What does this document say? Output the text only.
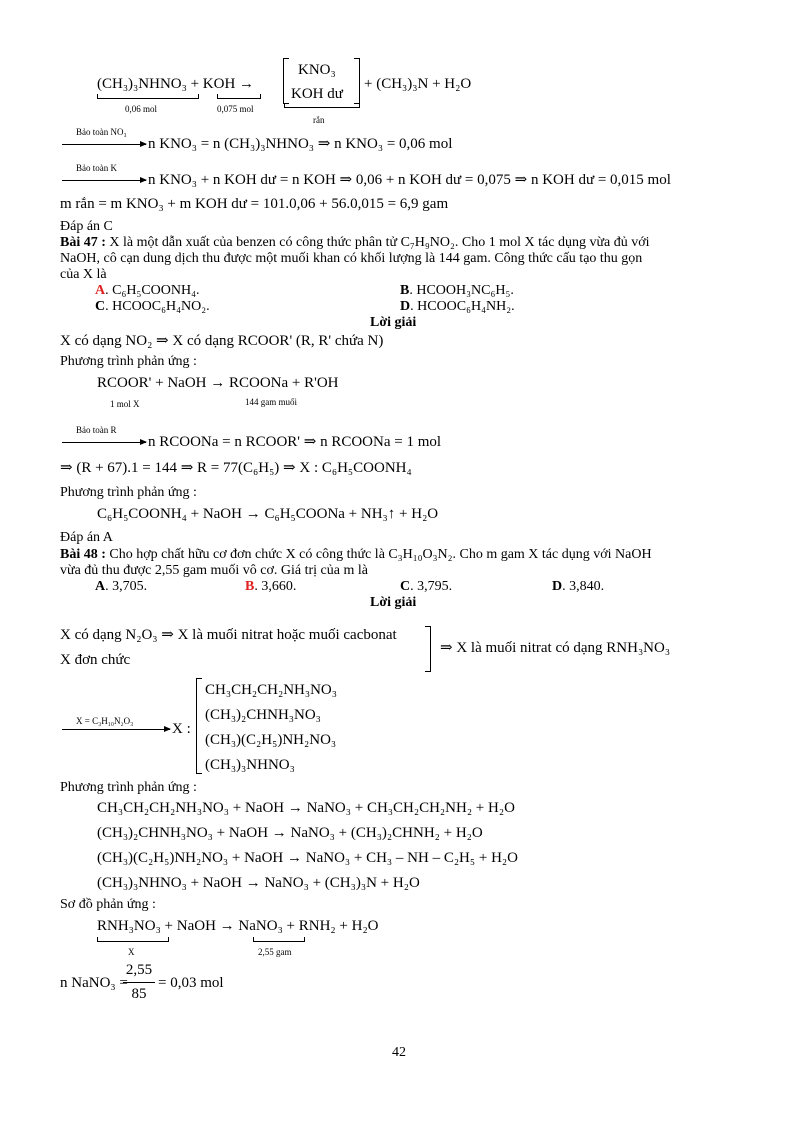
(CH₃)₃NHNO₃ + KOH →
0,06 mol	0,075 mol
KNO₃
KOH dư
+ (CH₃)₃N + H₂O
rắn
Bảo toàn NO₃
n KNO₃ = n (CH₃)₃NHNO₃ ⇒ n KNO₃ = 0,06 mol
Bảo toàn K
n KNO₃ + n KOH dư = n KOH ⇒ 0,06 + n KOH dư = 0,075 ⇒ n KOH dư = 0,015 mol
m rắn = m KNO₃ + m KOH dư = 101.0,06 + 56.0,015 = 6,9 gam
Đáp án C
Bài 47 : X là một dẫn xuất của benzen có công thức phân tử C₇H₉NO₂. Cho 1 mol X tác dụng vừa đủ với
NaOH, cô cạn dung dịch thu được một muối khan có khối lượng là 144 gam. Công thức cấu tạo thu gọn
của X là
A. C₆H₅COONH₄.	B. HCOOH₃NC₆H₅.
C. HCOOC₆H₄NO₂.	D. HCOOC₆H₄NH₂.
Lời giải
X có dạng NO₂ ⇒ X có dạng RCOOR' (R, R' chứa N)
Phương trình phản ứng :
RCOOR' + NaOH → RCOONa + R'OH
1 mol X	144 gam muối
Bảo toàn R
n RCOONa = n RCOOR' ⇒ n RCOONa = 1 mol
⇒ (R + 67).1 = 144 ⇒ R = 77(C₆H₅) ⇒ X : C₆H₅COONH₄
Phương trình phản ứng :
C₆H₅COONH₄ + NaOH → C₆H₅COONa + NH₃↑ + H₂O
Đáp án A
Bài 48 : Cho hợp chất hữu cơ đơn chức X có công thức là C₃H₁₀O₃N₂. Cho m gam X tác dụng với NaOH
vừa đủ thu được 2,55 gam muối vô cơ. Giá trị của m là
A. 3,705.	B. 3,660.	C. 3,795.	D. 3,840.
Lời giải
X có dạng N₂O₃ ⇒ X là muối nitrat hoặc muối cacbonat
X đơn chức
⇒ X là muối nitrat có dạng RNH₃NO₃
X = C₃H₁₀N₂O₃	X :
CH₃CH₂CH₂NH₃NO₃
(CH₃)₂CHNH₃NO₃
(CH₃)(C₂H₅)NH₂NO₃
(CH₃)₃NHNO₃
Phương trình phản ứng :
CH₃CH₂CH₂NH₃NO₃ + NaOH → NaNO₃ + CH₃CH₂CH₂NH₂ + H₂O
(CH₃)₂CHNH₃NO₃ + NaOH → NaNO₃ + (CH₃)₂CHNH₂ + H₂O
(CH₃)(C₂H₅)NH₂NO₃ + NaOH → NaNO₃ + CH₃ – NH – C₂H₅ + H₂O
(CH₃)₃NHNO₃ + NaOH → NaNO₃ + (CH₃)₃N + H₂O
Sơ đồ phản ứng :
RNH₃NO₃ + NaOH → NaNO₃ + RNH₂ + H₂O
X	2,55 gam
n NaNO₃ =
2,55
85
= 0,03 mol
42
